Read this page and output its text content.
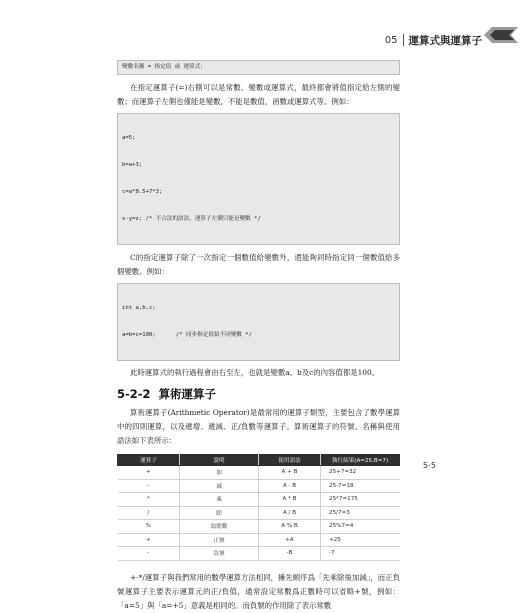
05 運算式與運算子
變數名稱 = 指定值 或 運算式；

在指定運算子(=)右側可以是常數、變數或運算式，最終都會將值指定給左側的變數；而運算子左側也僅能是變數，不能是數值、函數或運算式等。例如：

a=5;

b=a+3;

c=a*0.5+7*3;

x-y=z; /* 不合法的語法，運算子左側只能是變數 */

C的指定運算子除了一次指定一個數值給變數外，還能夠同時指定同一個數值給多個變數。例如：

int a,b,c;

a=b=c=100;      /* 同步指定值給不同變數 */

此時運算式的執行過程會由右至左，也就是變數a、b及c的內容值都是100。

5-2-2 算術運算子

算術運算子(Arithmetic Operator)是最常用的運算子類型，主要包含了數學運算中的四則運算，以及遞增、遞減、正/負數等運算子。算術運算子的符號、名稱與使用語法如下表所示：

運算子	說明	使用語法	執行結果(A=25,B=7)
+	加	A + B	25+7=32
-	減	A - B	25-7=18
*	乘	A * B	25*7=175
/	除	A / B	25/7=3
%	取餘數	A % B	25%7=4
+	正號	+A	+25
-	負號	-B	-7

+-*/運算子與我們常用的數學運算方法相同，擁先順序爲「先乘除後加減」，而正負號運算子主要表示運算元的正/負值，通常設定常數爲正數時可以省略+號，例如：「a=5」與「a=+5」意義是相同的。而負號的作用除了表示常數

5-5
